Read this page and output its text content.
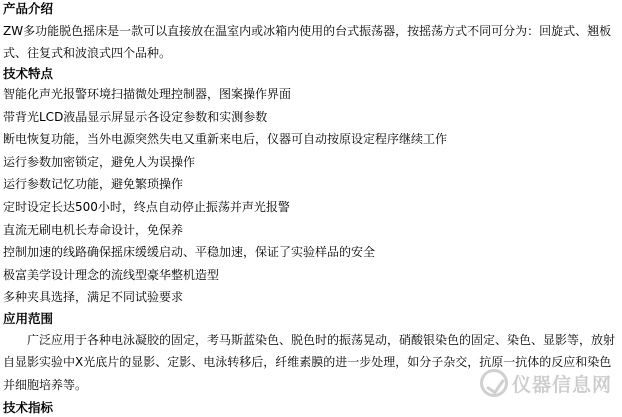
产品介绍

ZW多功能脱色摇床是一款可以直接放在温室内或冰箱内使用的台式振荡器，按摇荡方式不同可分为：回旋式、翘板式、往复式和波浪式四个品种。

技术特点
智能化声光报警环境扫描微处理控制器，图案操作界面
带背光LCD液晶显示屏显示各设定参数和实测参数
断电恢复功能，当外电源突然失电又重新来电后，仪器可自动按原设定程序继续工作
运行参数加密锁定，避免人为误操作
运行参数记忆功能，避免繁琐操作
定时设定长达500小时，终点自动停止振荡并声光报警
直流无刷电机长寿命设计，免保养
控制加速的线路确保摇床缓缓启动、平稳加速，保证了实验样品的安全
极富美学设计理念的流线型豪华整机造型
多种夹具选择，满足不同试验要求
应用范围

广泛应用于各种电泳凝胶的固定，考马斯蓝染色、脱色时的振荡晃动，硝酸银染色的固定、染色、显影等，放射自显影实验中X光底片的显影、定影、电泳转移后，纤维素膜的进一步处理，如分子杂交，抗原一抗体的反应和染色并细胞培养等。

技术指标
仪器信息网
